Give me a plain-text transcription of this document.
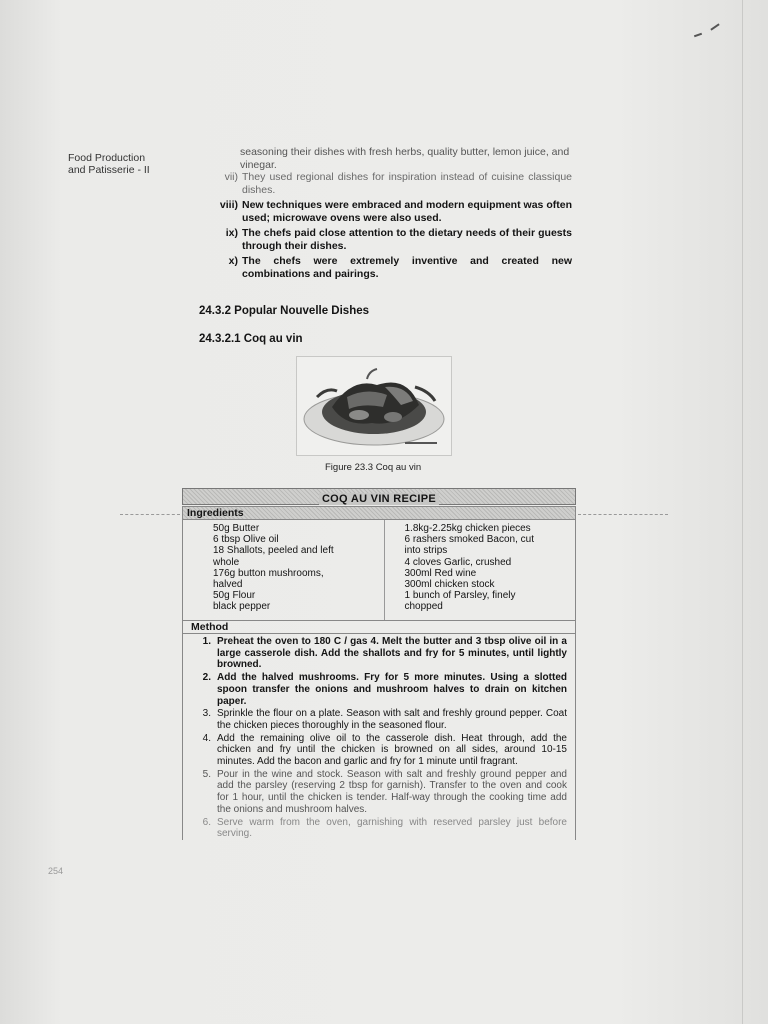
Food Production
and Patisserie - II
seasoning their dishes with fresh herbs, quality butter, lemon juice, and vinegar.
vii) They used regional dishes for inspiration instead of cuisine classique dishes.
viii) New techniques were embraced and modern equipment was often used; microwave ovens were also used.
ix) The chefs paid close attention to the dietary needs of their guests through their dishes.
x) The chefs were extremely inventive and created new combinations and pairings.
24.3.2 Popular Nouvelle Dishes
24.3.2.1 Coq au vin
Figure 23.3 Coq au vin
COQ AU VIN RECIPE
Ingredients
50g Butter
6 tbsp Olive oil
18 Shallots, peeled and left
whole
176g button mushrooms,
halved
50g Flour
black pepper
1.8kg-2.25kg chicken pieces
6 rashers smoked Bacon, cut
into strips
4 cloves Garlic, crushed
300ml Red wine
300ml chicken stock
1 bunch of Parsley, finely
chopped
Method
1. Preheat the oven to 180 C / gas 4. Melt the butter and 3 tbsp olive oil in a large casserole dish. Add the shallots and fry for 5 minutes, until lightly browned.
2. Add the halved mushrooms. Fry for 5 more minutes. Using a slotted spoon transfer the onions and mushroom halves to drain on kitchen paper.
3. Sprinkle the flour on a plate. Season with salt and freshly ground pepper. Coat the chicken pieces thoroughly in the seasoned flour.
4. Add the remaining olive oil to the casserole dish. Heat through, add the chicken and fry until the chicken is browned on all sides, around 10-15 minutes. Add the bacon and garlic and fry for 1 minute until fragrant.
5. Pour in the wine and stock. Season with salt and freshly ground pepper and add the parsley (reserving 2 tbsp for garnish). Transfer to the oven and cook for 1 hour, until the chicken is tender. Half-way through the cooking time add the onions and mushroom halves.
6. Serve warm from the oven, garnishing with reserved parsley just before serving.
254
